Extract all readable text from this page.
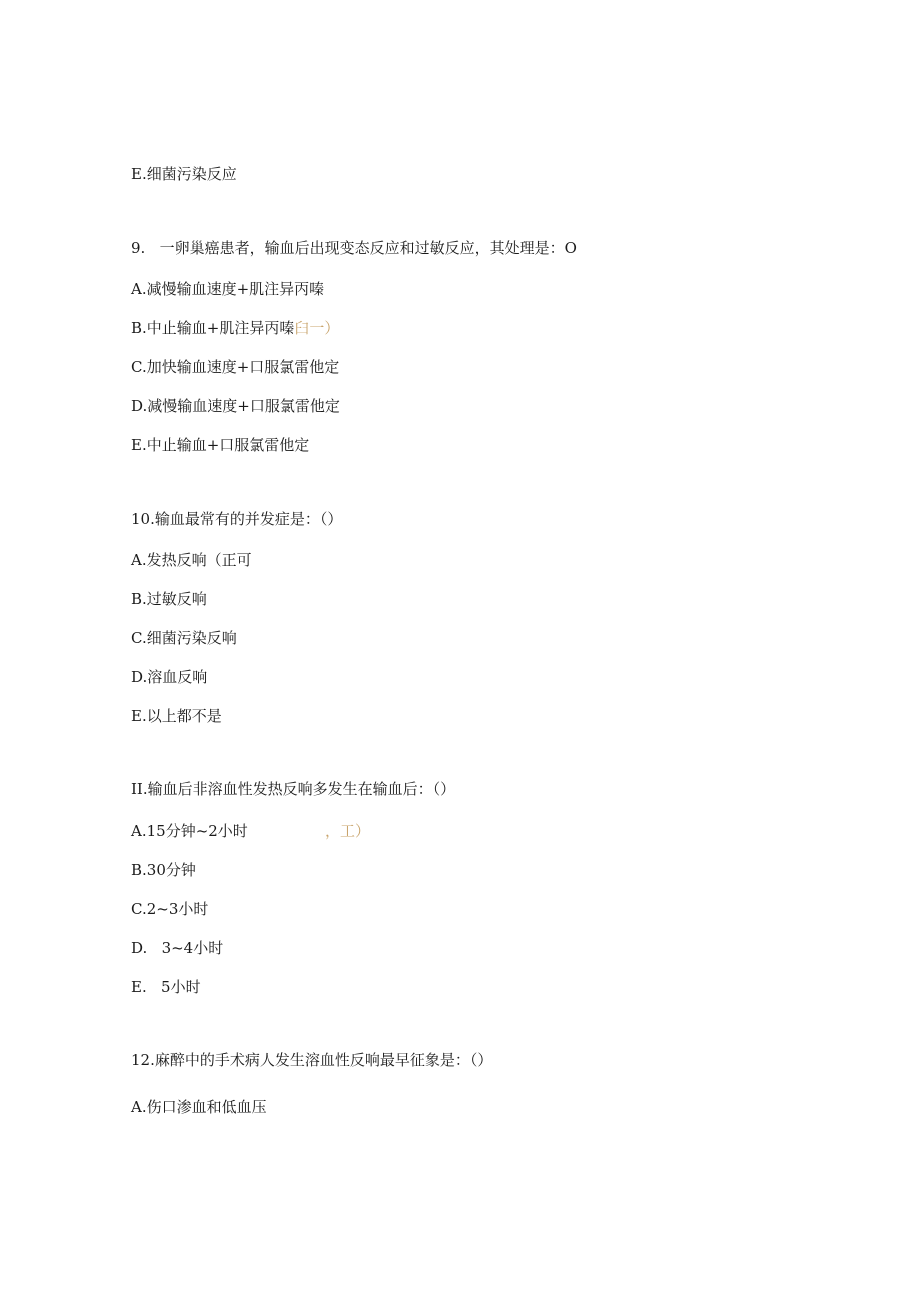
E.细菌污染反应
9.   一卵巢癌患者，输血后出现变态反应和过敏反应，其处理是：O
A.减慢输血速度+肌注异丙嗪
B.中止输血+肌注异丙嗪臼一）
C.加快输血速度+口服氯雷他定
D.减慢输血速度+口服氯雷他定
E.中止输血+口服氯雷他定
10.输血最常有的并发症是：（）
A.发热反响（正可
B.过敏反响
C.细菌污染反响
D.溶血反响
E.以上都不是
II.输血后非溶血性发热反响多发生在输血后：（）
A.15分钟~2小时	，工）
B.30分钟
C.2~3小时
D.   3~4小时
E.   5小时
12.麻醉中的手术病人发生溶血性反响最早征象是：（）
A.伤口渗血和低血压
